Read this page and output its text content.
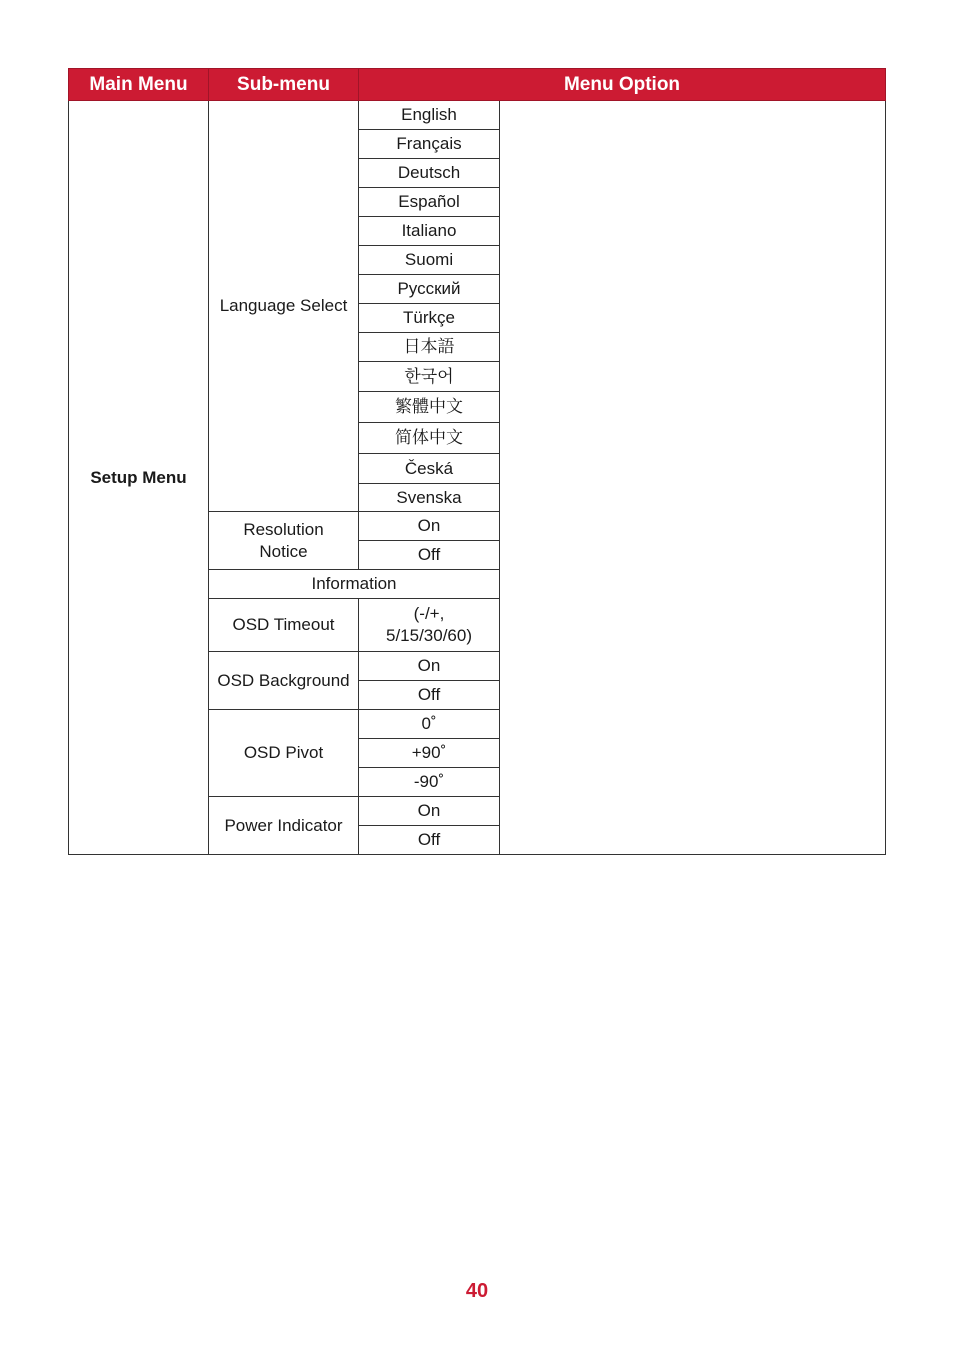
Main Menu	Sub-menu	Menu Option	
Setup Menu	Language Select	English	
		Français	
		Deutsch	
		Español	
		Italiano	
		Suomi	
		Русский	
		Türkçe	
		日本語	
		한국어	
		繁體中文	
		简体中文	
		Česká	
		Svenska	
	Resolution Notice	On	
		Off	
	Information		
	OSD Timeout	(-/+, 5/15/30/60)	
	OSD Background	On	
		Off	
	OSD Pivot	0˚	
		+90˚	
		-90˚	
	Power Indicator	On	
		Off	
40
